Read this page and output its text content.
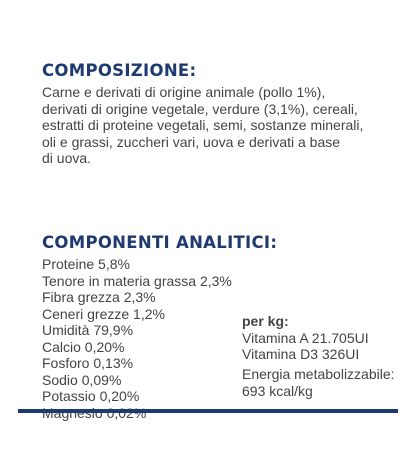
COMPOSIZIONE:

Carne e derivati di origine animale (pollo 1%),
derivati di origine vegetale, verdure (3,1%), cereali,
estratti di proteine vegetali, semi, sostanze minerali,
oli e grassi, zuccheri vari, uova e derivati a base
di uova.

COMPONENTI ANALITICI:
Proteine 5,8%
Tenore in materia grassa 2,3%
Fibra grezza 2,3%
Ceneri grezze 1,2%
Umidità 79,9%
Calcio 0,20%
Fosforo 0,13%
Sodio 0,09%
Potassio 0,20%
per kg:
Vitamina A 21.705UI
Vitamina D3 326UI
Energia metabolizzabile:
693 kcal/kg
